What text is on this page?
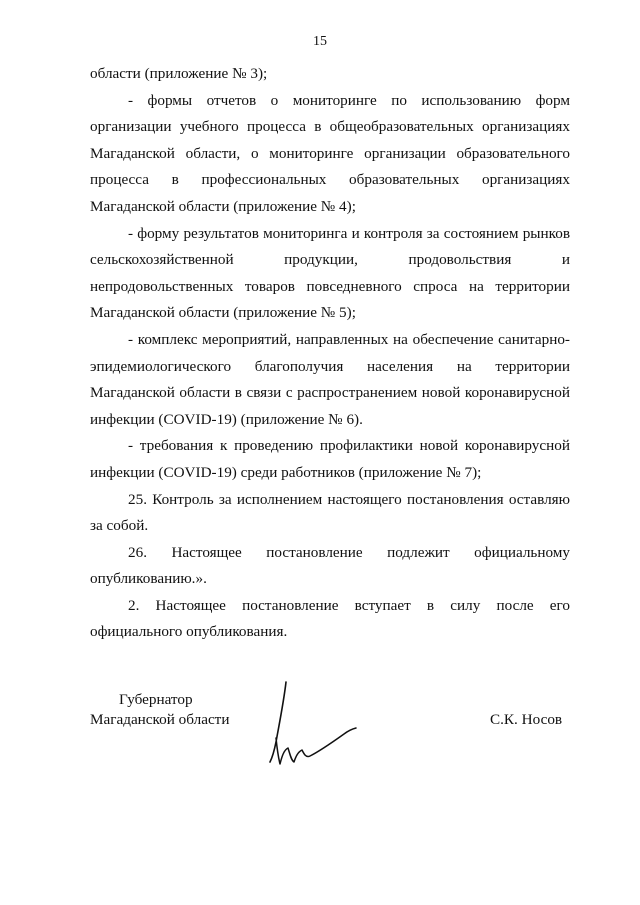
15

области (приложение № 3);

- формы отчетов о мониторинге по использованию форм организации учебного процесса в общеобразовательных организациях Магаданской области, о мониторинге организации образовательного процесса в профессиональных образовательных организациях Магаданской области (приложение № 4);

- форму результатов мониторинга и контроля за состоянием рынков сельскохозяйственной продукции, продовольствия и непродовольственных товаров повседневного спроса на территории Магаданской области (приложение № 5);

- комплекс мероприятий, направленных на обеспечение санитарно-эпидемиологического благополучия населения на территории Магаданской области в связи с распространением новой коронавирусной инфекции (COVID-19) (приложение № 6).

- требования к проведению профилактики новой коронавирусной инфекции (COVID-19) среди работников (приложение № 7);

25. Контроль за исполнением настоящего постановления оставляю за собой.

26. Настоящее постановление подлежит официальному опубликованию.».

2. Настоящее постановление вступает в силу после его официального опубликования.

Губернатор
Магаданской области	С.К. Носов
